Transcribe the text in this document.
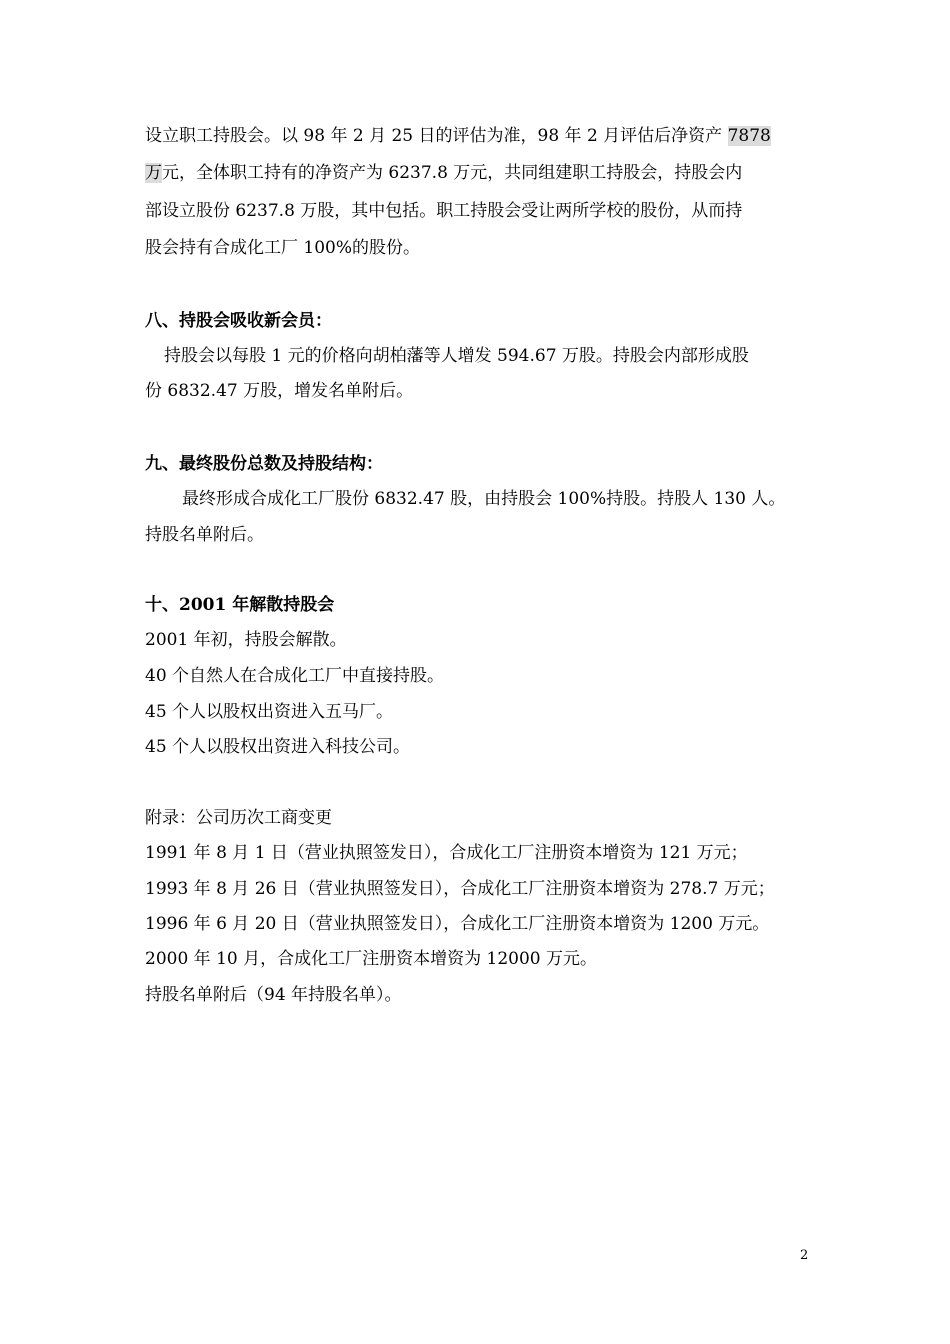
设立职工持股会。以 98 年 2 月 25 日的评估为准，98 年 2 月评估后净资产 7878
万元，全体职工持有的净资产为 6237.8 万元，共同组建职工持股会，持股会内
部设立股份 6237.8 万股，其中包括。职工持股会受让两所学校的股份，从而持
股会持有合成化工厂 100%的股份。
八、持股会吸收新会员：
持股会以每股 1 元的价格向胡柏藩等人增发 594.67 万股。持股会内部形成股
份 6832.47 万股，增发名单附后。
九、最终股份总数及持股结构：
最终形成合成化工厂股份 6832.47 股，由持股会 100%持股。持股人 130 人。
持股名单附后。
十、2001 年解散持股会
2001 年初，持股会解散。
40 个自然人在合成化工厂中直接持股。
45 个人以股权出资进入五马厂。
45 个人以股权出资进入科技公司。
附录：公司历次工商变更
1991 年 8 月 1 日（营业执照签发日），合成化工厂注册资本增资为 121 万元；
1993 年 8 月 26 日（营业执照签发日），合成化工厂注册资本增资为 278.7 万元；
1996 年 6 月 20 日（营业执照签发日），合成化工厂注册资本增资为 1200 万元。
2000 年 10 月，合成化工厂注册资本增资为 12000 万元。
持股名单附后（94 年持股名单）。
2
